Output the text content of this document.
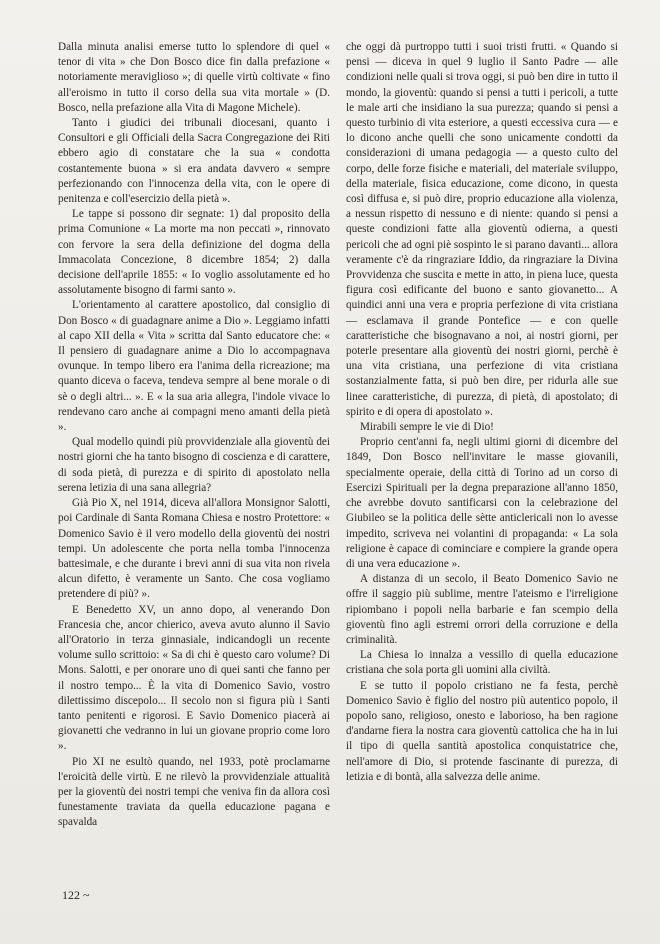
Dalla minuta analisi emerse tutto lo splendore di quel « tenor di vita » che Don Bosco dice fin dalla prefazione « notoriamente meraviglioso »; di quelle virtù coltivate « fino all'eroismo in tutto il corso della sua vita mortale » (D. Bosco, nella prefazione alla Vita di Magone Michele).

Tanto i giudici dei tribunali diocesani, quanto i Consultori e gli Officiali della Sacra Congregazione dei Riti ebbero agio di constatare che la sua « condotta costantemente buona » si era andata davvero « sempre perfezionando con l'innocenza della vita, con le opere di penitenza e coll'esercizio della pietà ».

Le tappe si possono dir segnate: 1) dal proposito della prima Comunione « La morte ma non peccati », rinnovato con fervore la sera della definizione del dogma della Immacolata Concezione, 8 dicembre 1854; 2) dalla decisione dell'aprile 1855: « Io voglio assolutamente ed ho assolutamente bisogno di farmi santo ».

L'orientamento al carattere apostolico, dal consiglio di Don Bosco « di guadagnare anime a Dio ». Leggiamo infatti al capo XII della « Vita » scritta dal Santo educatore che: « Il pensiero di guadagnare anime a Dio lo accompagnava ovunque. In tempo libero era l'anima della ricreazione; ma quanto diceva o faceva, tendeva sempre al bene morale o di sè o degli altri... ». E « la sua aria allegra, l'indole vivace lo rendevano caro anche ai compagni meno amanti della pietà ».

Qual modello quindi più provvidenziale alla gioventù dei nostri giorni che ha tanto bisogno di coscienza e di carattere, di soda pietà, di purezza e di spirito di apostolato nella serena letizia di una sana allegria?

Già Pio X, nel 1914, diceva all'allora Monsignor Salotti, poi Cardinale di Santa Romana Chiesa e nostro Protettore: « Domenico Savio è il vero modello della gioventù dei nostri tempi. Un adolescente che porta nella tomba l'innocenza battesimale, e che durante i brevi anni di sua vita non rivela alcun difetto, è veramente un Santo. Che cosa vogliamo pretendere di più? ».

E Benedetto XV, un anno dopo, al venerando Don Francesia che, ancor chierico, aveva avuto alunno il Savio all'Oratorio in terza ginnasiale, indicandogli un recente volume sullo scrittoio: « Sa di chi è questo caro volume? Di Mons. Salotti, e per onorare uno di quei santi che fanno per il nostro tempo... È la vita di Domenico Savio, vostro dilettissimo discepolo... Il secolo non si figura più i Santi tanto penitenti e rigorosi. E Savio Domenico piacerà ai giovanetti che vedranno in lui un giovane proprio come loro ».

Pio XI ne esultò quando, nel 1933, potè proclamarne l'eroicità delle virtù. E ne rilevò la provvidenziale attualità per la gioventù dei nostri tempi che veniva fin da allora così funestamente traviata da quella educazione pagana e spavalda

che oggi dà purtroppo tutti i suoi tristi frutti. « Quando si pensi — diceva in quel 9 luglio il Santo Padre — alle condizioni nelle quali si trova oggi, si può ben dire in tutto il mondo, la gioventù: quando si pensi a tutti i pericoli, a tutte le male arti che insidiano la sua purezza; quando si pensi a questo turbinio di vita esteriore, a questi eccessiva cura — e lo dicono anche quelli che sono unicamente condotti da considerazioni di umana pedagogia — a questo culto del corpo, delle forze fisiche e materiali, del materiale sviluppo, della materiale, fisica educazione, come dicono, in questa così diffusa e, si può dire, proprio educazione alla violenza, a nessun rispetto di nessuno e di niente: quando si pensi a queste condizioni fatte alla gioventù odierna, a questi pericoli che ad ogni piè sospinto le si parano davanti... allora veramente c'è da ringraziare Iddio, da ringraziare la Divina Provvidenza che suscita e mette in atto, in piena luce, questa figura così edificante del buono e santo giovanetto... A quindici anni una vera e propria perfezione di vita cristiana — esclamava il grande Pontefice — e con quelle caratteristiche che bisognavano a noi, ai nostri giorni, per poterle presentare alla gioventù dei nostri giorni, perchè è una vita cristiana, una perfezione di vita cristiana sostanzialmente fatta, si può ben dire, per ridurla alle sue linee caratteristiche, di purezza, di pietà, di apostolato; di spirito e di opera di apostolato ».

Mirabili sempre le vie di Dio!

Proprio cent'anni fa, negli ultimi giorni di dicembre del 1849, Don Bosco nell'invitare le masse giovanili, specialmente operaie, della città di Torino ad un corso di Esercizi Spirituali per la degna preparazione all'anno 1850, che avrebbe dovuto santificarsi con la celebrazione del Giubileo se la politica delle sètte anticlericali non lo avesse impedito, scriveva nei volantini di propaganda: « La sola religione è capace di cominciare e compiere la grande opera di una vera educazione ».

A distanza di un secolo, il Beato Domenico Savio ne offre il saggio più sublime, mentre l'ateismo e l'irreligione ripiombano i popoli nella barbarie e fan scempio della gioventù fino agli estremi orrori della corruzione e della criminalità.

La Chiesa lo innalza a vessillo di quella educazione cristiana che sola porta gli uomini alla civiltà.

E se tutto il popolo cristiano ne fa festa, perchè Domenico Savio è figlio del nostro più autentico popolo, il popolo sano, religioso, onesto e laborioso, ha ben ragione d'andarne fiera la nostra cara gioventù cattolica che ha in lui il tipo di quella santità apostolica conquistatrice che, nell'amore di Dio, si protende fascinante di purezza, di letizia e di bontà, alla salvezza delle anime.

122 ~
